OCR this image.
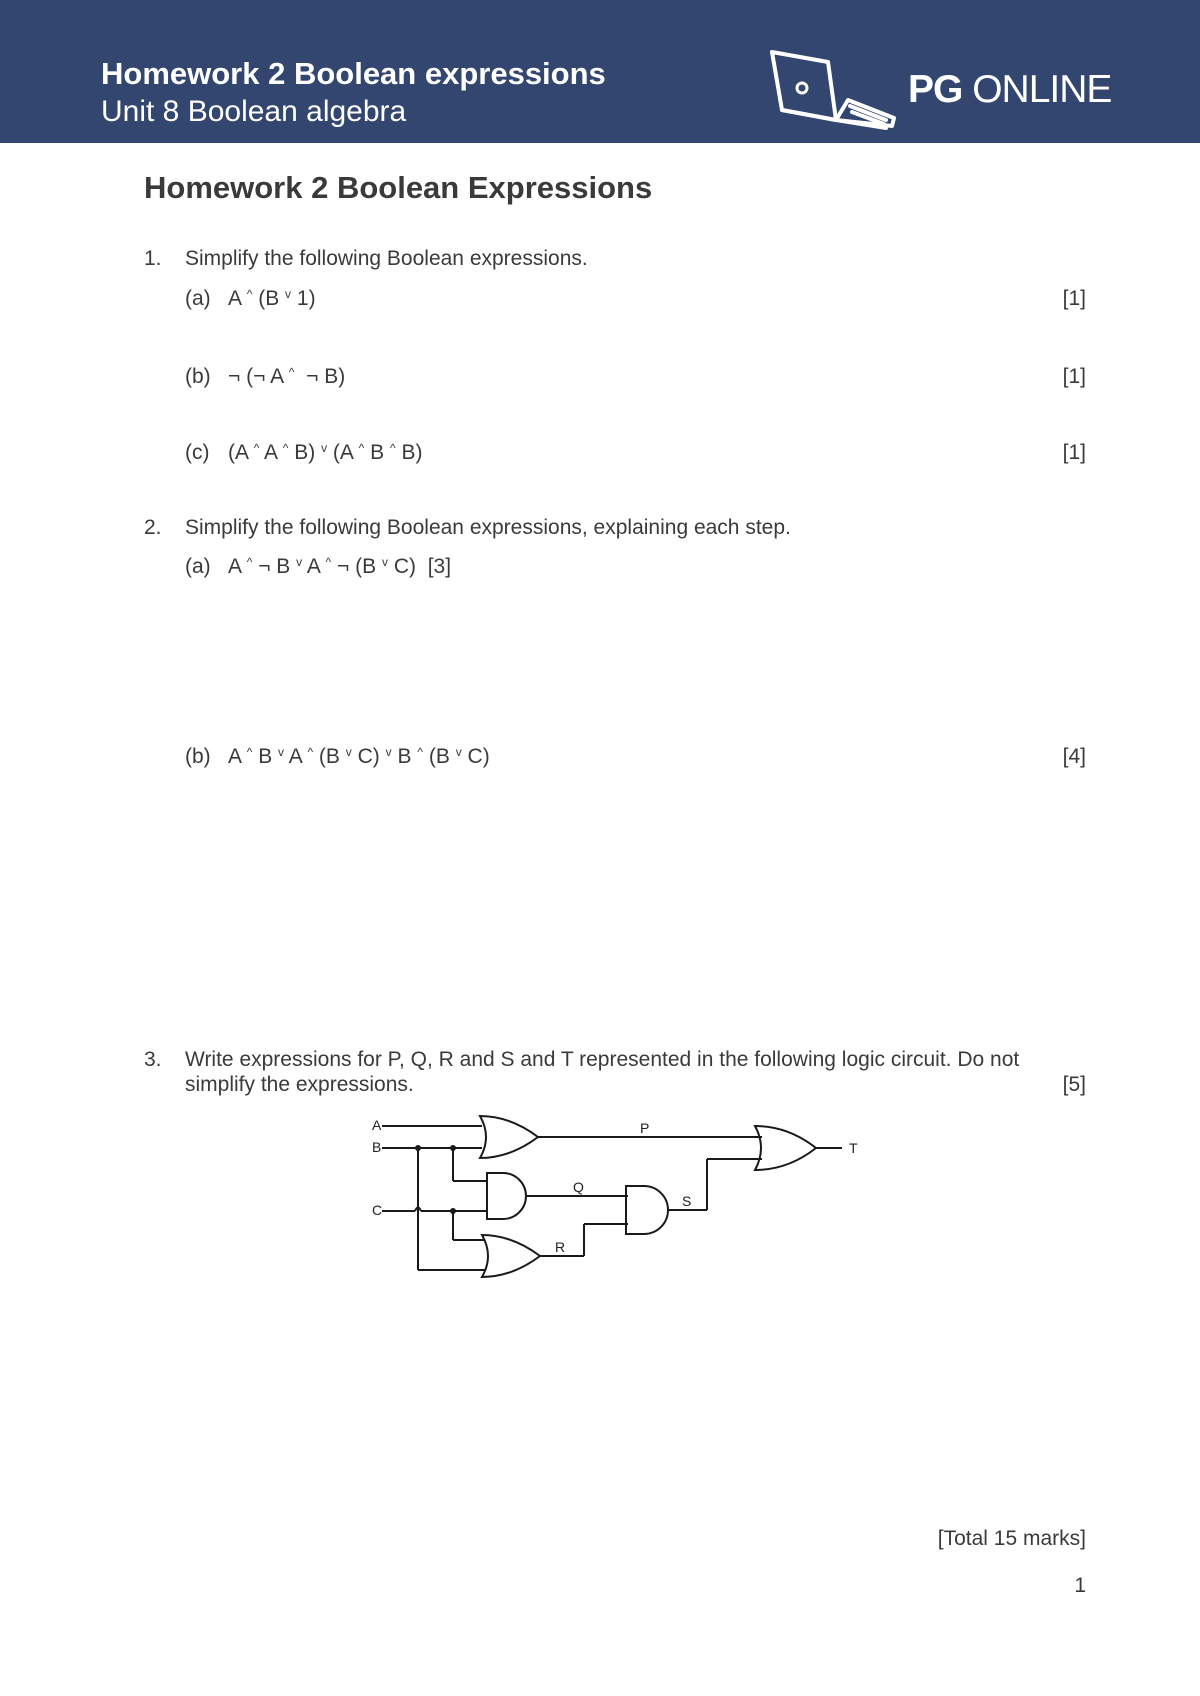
Homework 2 Boolean expressions
Unit 8 Boolean algebra
PG ONLINE
Homework 2 Boolean Expressions
1. Simplify the following Boolean expressions.
(a) A ^ (B $^v$ 1)	[1]
(b) ¬ (¬ A ^ ¬ B)	[1]
(c) (A ^ A ^ B) $^v$ (A ^ B ^ B)	[1]
2. Simplify the following Boolean expressions, explaining each step.
(a) A ^ ¬ B $^v$ A ^ ¬ (B $^v$ C) [3]
(b) A ^ B $^v$ A ^ (B $^v$ C) $^v$ B ^ (B $^v$ C)	[4]
3. Write expressions for P, Q, R and S and T represented in the following logic circuit. Do not
simplify the expressions.	[5]
A
B
C
P
Q
R
S
T
[Total 15 marks]
1
